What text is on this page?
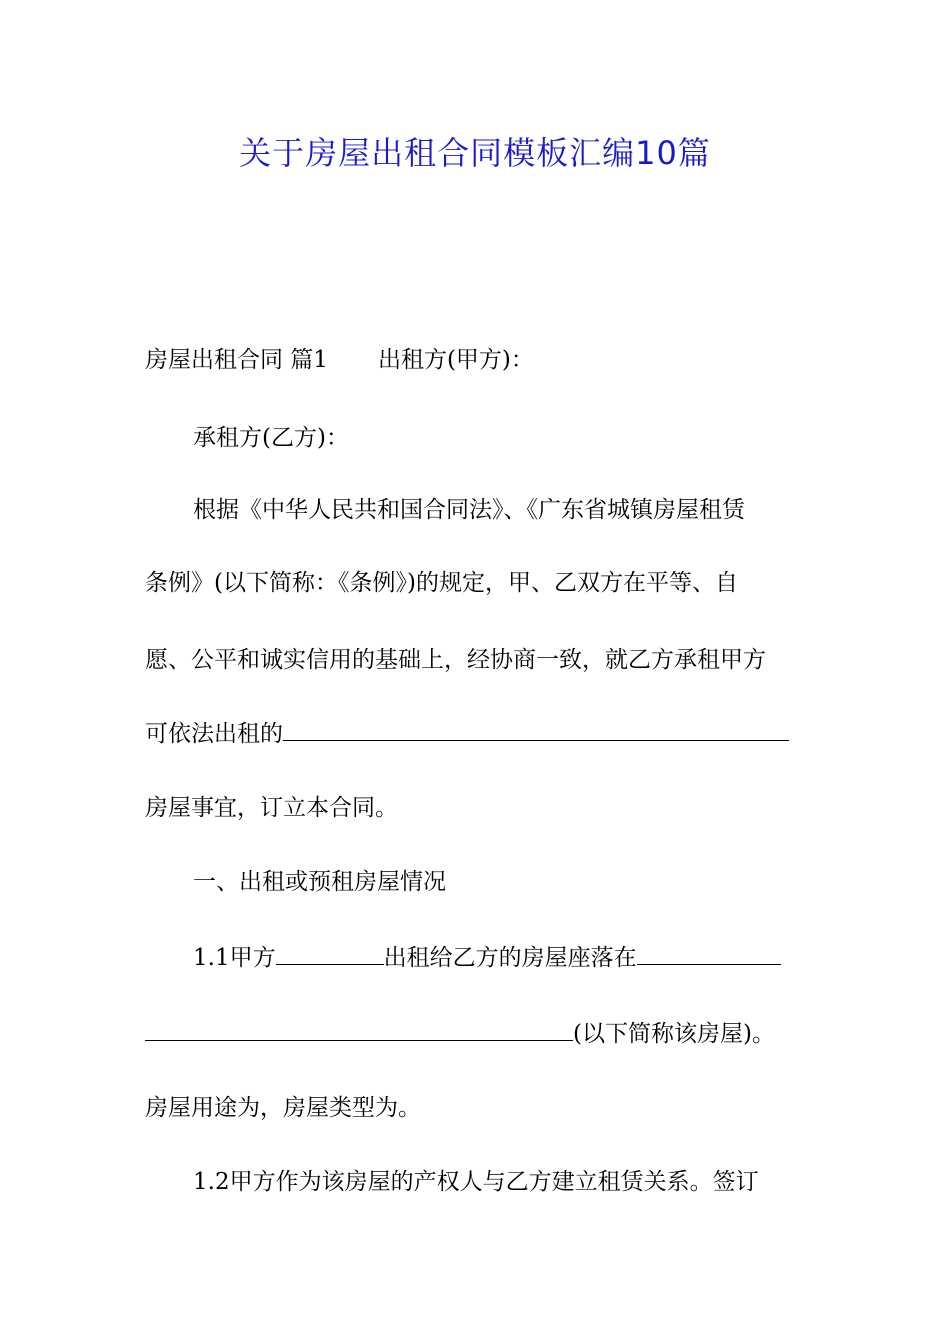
关于房屋出租合同模板汇编10篇
房屋出租合同 篇1 出租方(甲方)：
承租方(乙方)：
根据《中华人民共和国合同法》、《广东省城镇房屋租赁
条例》(以下简称：《条例》)的规定，甲、乙双方在平等、自
愿、公平和诚实信用的基础上，经协商一致，就乙方承租甲方
可依法出租的
房屋事宜，订立本合同。
一、出租或预租房屋情况
1.1甲方	出租给乙方的房屋座落在
(以下简称该房屋)。
房屋用途为，房屋类型为。
1.2甲方作为该房屋的产权人与乙方建立租赁关系。签订
